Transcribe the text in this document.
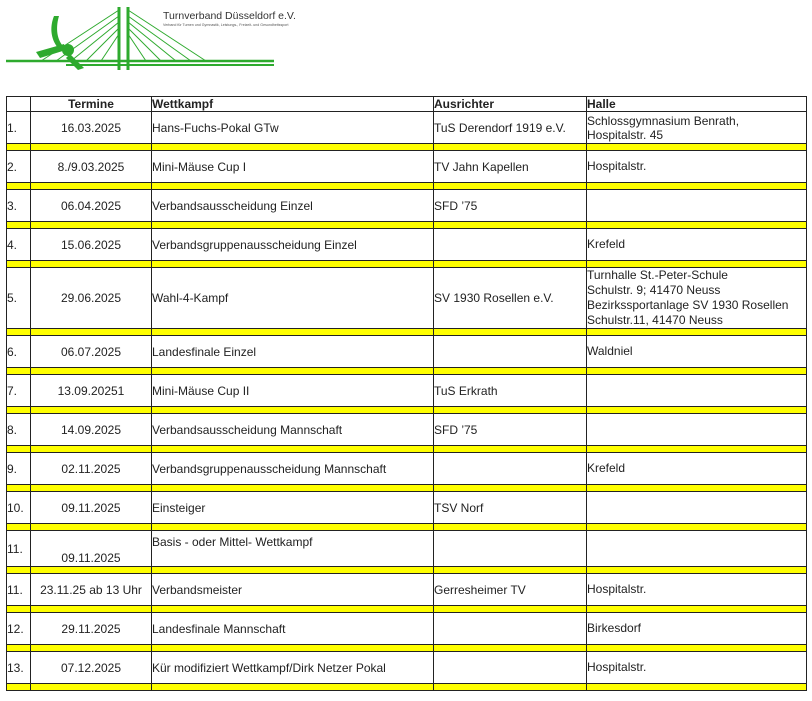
Turnverband Düsseldorf e.V.
Verband für Turnen und Gymnastik, Leistungs-, Freizeit- und Gesundheitssport
	Termine	Wettkampf	Ausrichter	Halle
1.	16.03.2025	Hans-Fuchs-Pokal GTw	TuS Derendorf 1919 e.V.	Schlossgymnasium Benrath,
Hospitalstr. 45

2.	8./9.03.2025	Mini-Mäuse Cup I	TV Jahn Kapellen	Hospitalstr.

3.	06.04.2025	Verbandsausscheidung Einzel	SFD ’75	

4.	15.06.2025	Verbandsgruppenausscheidung Einzel		Krefeld

5.	29.06.2025	Wahl-4-Kampf	SV 1930 Rosellen e.V.	Turnhalle St.-Peter-Schule
Schulstr. 9; 41470 Neuss
Bezirkssportanlage SV 1930 Rosellen
Schulstr.11, 41470 Neuss

6.	06.07.2025	Landesfinale Einzel		Waldniel

7.	13.09.20251	Mini-Mäuse Cup II	TuS Erkrath	

8.	14.09.2025	Verbandsausscheidung Mannschaft	SFD ’75	

9.	02.11.2025	Verbandsgruppenausscheidung Mannschaft		Krefeld

10.	09.11.2025	Einsteiger	TSV Norf	

11.	09.11.2025	Basis - oder Mittel- Wettkampf		

11.	23.11.25 ab 13 Uhr	Verbandsmeister	Gerresheimer TV	Hospitalstr.

12.	29.11.2025	Landesfinale Mannschaft		Birkesdorf

13.	07.12.2025	Kür modifiziert Wettkampf/Dirk Netzer Pokal		Hospitalstr.
